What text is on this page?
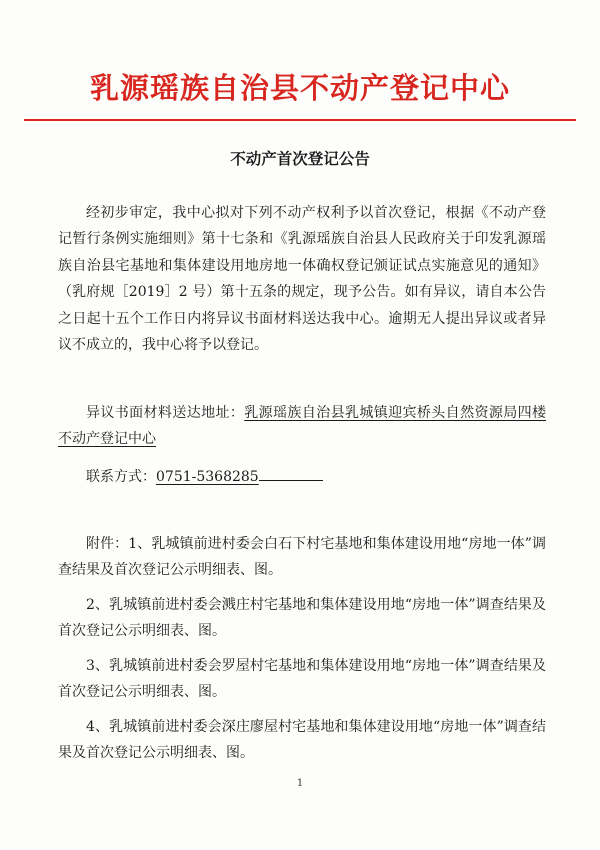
乳源瑶族自治县不动产登记中心
不动产首次登记公告

经初步审定，我中心拟对下列不动产权利予以首次登记，根据《不动产登记暂行条例实施细则》第十七条和《乳源瑶族自治县人民政府关于印发乳源瑶族自治县宅基地和集体建设用地房地一体确权登记颁证试点实施意见的通知》（乳府规［2019］2 号）第十五条的规定，现予公告。如有异议，请自本公告之日起十五个工作日内将异议书面材料送达我中心。逾期无人提出异议或者异议不成立的，我中心将予以登记。

异议书面材料送达地址：乳源瑶族自治县乳城镇迎宾桥头自然资源局四楼不动产登记中心

联系方式：0751-5368285

附件：1、乳城镇前进村委会白石下村宅基地和集体建设用地“房地一体”调查结果及首次登记公示明细表、图。

2、乳城镇前进村委会溅庄村宅基地和集体建设用地“房地一体”调查结果及首次登记公示明细表、图。

3、乳城镇前进村委会罗屋村宅基地和集体建设用地“房地一体”调查结果及首次登记公示明细表、图。

4、乳城镇前进村委会深庄廖屋村宅基地和集体建设用地“房地一体”调查结果及首次登记公示明细表、图。

1
